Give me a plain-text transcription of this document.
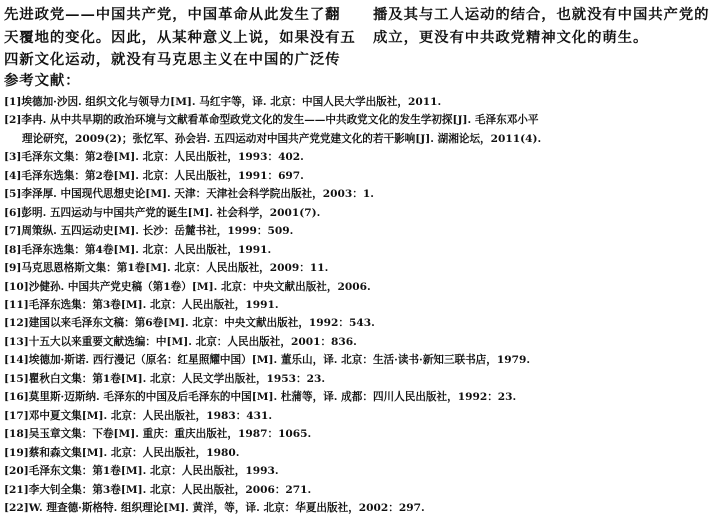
先进政党——中国共产党，中国革命从此发生了翻
天覆地的变化。因此，从某种意义上说，如果没有五
四新文化运动，就没有马克思主义在中国的广泛传
播及其与工人运动的结合，也就没有中国共产党的
成立，更没有中共政党精神文化的萌生。
参考文献：
[1]埃德加·沙因. 组织文化与领导力[M]. 马红宇等，译. 北京：中国人民大学出版社，2011.
[2]李冉. 从中共早期的政治环境与文献看革命型政党文化的发生——中共政党文化的发生学初探[J]. 毛泽东邓小平
理论研究，2009(2)；张忆军、孙会岩. 五四运动对中国共产党党建文化的若干影响[J]. 湖湘论坛，2011(4).
[3]毛泽东文集：第2卷[M]. 北京：人民出版社，1993：402.
[4]毛泽东选集：第2卷[M]. 北京：人民出版社，1991：697.
[5]李泽厚. 中国现代思想史论[M]. 天津：天津社会科学院出版社，2003：1.
[6]彭明. 五四运动与中国共产党的诞生[M]. 社会科学，2001(7).
[7]周策纵. 五四运动史[M]. 长沙：岳麓书社，1999：509.
[8]毛泽东选集：第4卷[M]. 北京：人民出版社，1991.
[9]马克思恩格斯文集：第1卷[M]. 北京：人民出版社，2009：11.
[10]沙健孙. 中国共产党史稿（第1卷）[M]. 北京：中央文献出版社，2006.
[11]毛泽东选集：第3卷[M]. 北京：人民出版社，1991.
[12]建国以来毛泽东文稿：第6卷[M]. 北京：中央文献出版社，1992：543.
[13]十五大以来重要文献选编：中[M]. 北京：人民出版社，2001：836.
[14]埃德加·斯诺. 西行漫记（原名：红星照耀中国）[M]. 董乐山，译. 北京：生活·读书·新知三联书店，1979.
[15]瞿秋白文集：第1卷[M]. 北京：人民文学出版社，1953：23.
[16]莫里斯·迈斯纳. 毛泽东的中国及后毛泽东的中国[M]. 杜蒲等，译. 成都：四川人民出版社，1992：23.
[17]邓中夏文集[M]. 北京：人民出版社，1983：431.
[18]吴玉章文集：下卷[M]. 重庆：重庆出版社，1987：1065.
[19]蔡和森文集[M]. 北京：人民出版社，1980.
[20]毛泽东文集：第1卷[M]. 北京：人民出版社，1993.
[21]李大钊全集：第3卷[M]. 北京：人民出版社，2006：271.
[22]W. 理查德·斯格特. 组织理论[M]. 黄洋，等，译. 北京：华夏出版社，2002：297.
